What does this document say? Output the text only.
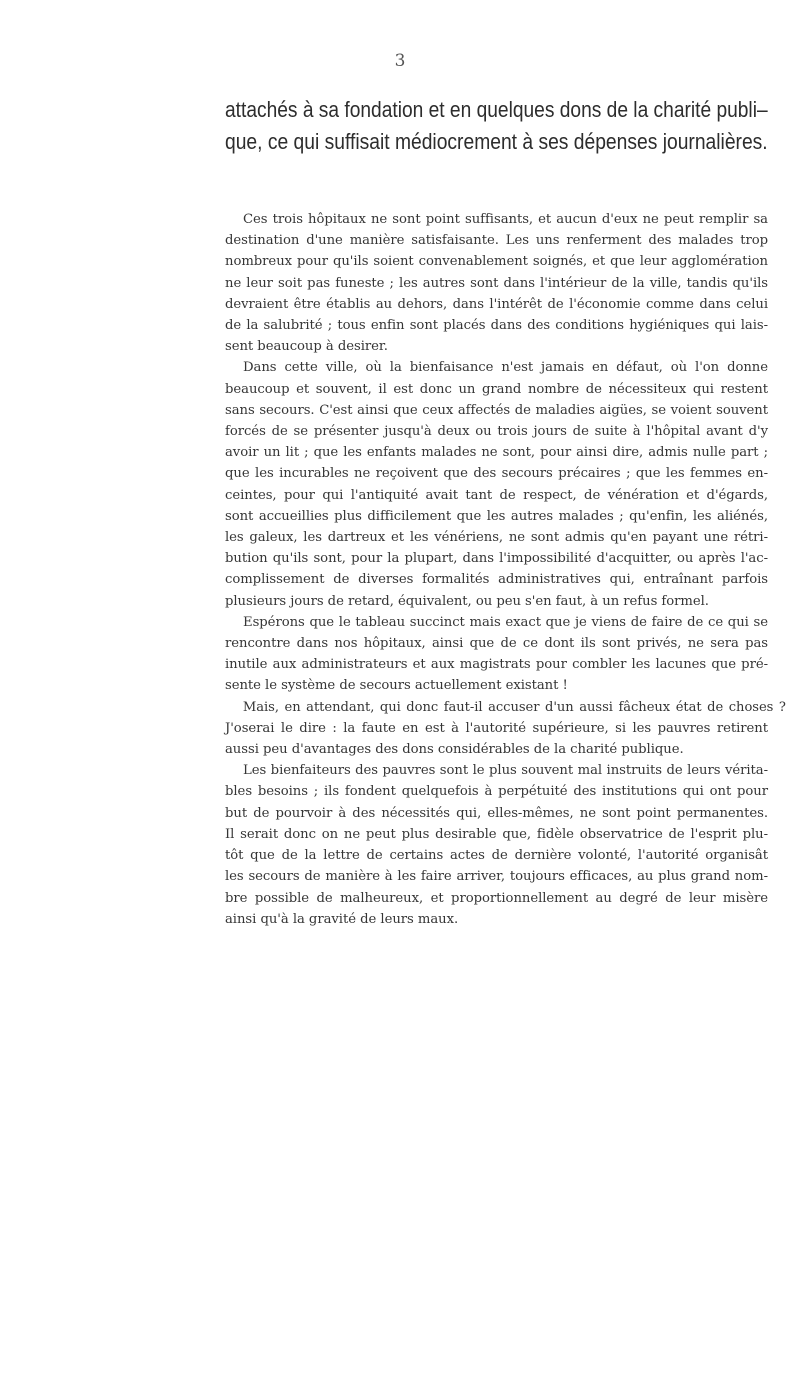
3
attachés à sa fondation et en quelques dons de la charité publi–
que, ce qui suffisait médiocrement à ses dépenses journalières.
Ces trois hôpitaux ne sont point suffisants, et aucun d'eux ne peut remplir sa
destination d'une manière satisfaisante. Les uns renferment des malades trop
nombreux pour qu'ils soient convenablement soignés, et que leur agglomération
ne leur soit pas funeste ; les autres sont dans l'intérieur de la ville, tandis qu'ils
devraient être établis au dehors, dans l'intérêt de l'économie comme dans celui
de la salubrité ; tous enfin sont placés dans des conditions hygiéniques qui lais-
sent beaucoup à desirer.
Dans cette ville, où la bienfaisance n'est jamais en défaut, où l'on donne
beaucoup et souvent, il est donc un grand nombre de nécessiteux qui restent
sans secours. C'est ainsi que ceux affectés de maladies aigües, se voient souvent
forcés de se présenter jusqu'à deux ou trois jours de suite à l'hôpital avant d'y
avoir un lit ; que les enfants malades ne sont, pour ainsi dire, admis nulle part ;
que les incurables ne reçoivent que des secours précaires ; que les femmes en-
ceintes, pour qui l'antiquité avait tant de respect, de vénération et d'égards,
sont accueillies plus difficilement que les autres malades ; qu'enfin, les aliénés,
les galeux, les dartreux et les vénériens, ne sont admis qu'en payant une rétri-
bution qu'ils sont, pour la plupart, dans l'impossibilité d'acquitter, ou après l'ac-
complissement de diverses formalités administratives qui, entraînant parfois
plusieurs jours de retard, équivalent, ou peu s'en faut, à un refus formel.
Espérons que le tableau succinct mais exact que je viens de faire de ce qui se
rencontre dans nos hôpitaux, ainsi que de ce dont ils sont privés, ne sera pas
inutile aux administrateurs et aux magistrats pour combler les lacunes que pré-
sente le système de secours actuellement existant !
Mais, en attendant, qui donc faut-il accuser d'un aussi fâcheux état de choses ?
J'oserai le dire : la faute en est à l'autorité supérieure, si les pauvres retirent
aussi peu d'avantages des dons considérables de la charité publique.
Les bienfaiteurs des pauvres sont le plus souvent mal instruits de leurs vérita-
bles besoins ; ils fondent quelquefois à perpétuité des institutions qui ont pour
but de pourvoir à des nécessités qui, elles-mêmes, ne sont point permanentes.
Il serait donc on ne peut plus desirable que, fidèle observatrice de l'esprit plu-
tôt que de la lettre de certains actes de dernière volonté, l'autorité organisât
les secours de manière à les faire arriver, toujours efficaces, au plus grand nom-
bre possible de malheureux, et proportionnellement au degré de leur misère
ainsi qu'à la gravité de leurs maux.
